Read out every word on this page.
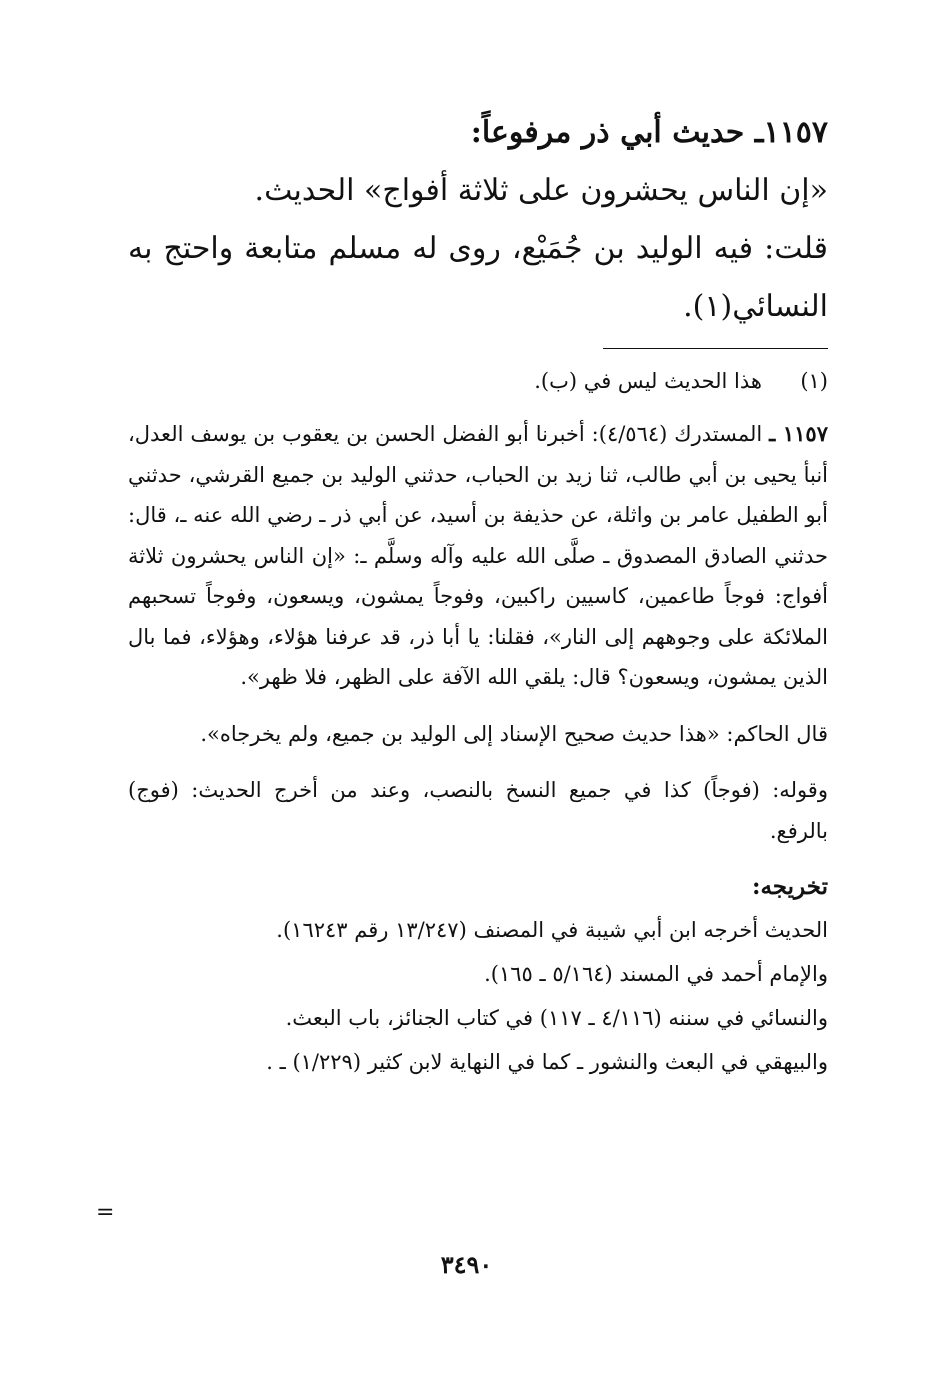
١١٥٧ـ حديث أبي ذر مرفوعاً:

«إن الناس يحشرون على ثلاثة أفواج» الحديث.

قلت: فيه الوليد بن جُمَيْع، روى له مسلم متابعة واحتج به النسائي(١).

(١)هذا الحديث ليس في (ب).

١١٥٧ ـ المستدرك (٤/٥٦٤): أخبرنا أبو الفضل الحسن بن يعقوب بن يوسف العدل، أنبأ يحيى بن أبي طالب، ثنا زيد بن الحباب، حدثني الوليد بن جميع القرشي، حدثني أبو الطفيل عامر بن واثلة، عن حذيفة بن أسيد، عن أبي ذر ـ رضي الله عنه ـ، قال: حدثني الصادق المصدوق ـ صلَّى الله عليه وآله وسلَّم ـ: «إن الناس يحشرون ثلاثة أفواج: فوجاً طاعمين، كاسيين راكبين، وفوجاً يمشون، ويسعون، وفوجاً تسحبهم الملائكة على وجوههم إلى النار»، فقلنا: يا أبا ذر، قد عرفنا هؤلاء، وهؤلاء، فما بال الذين يمشون، ويسعون؟ قال: يلقي الله الآفة على الظهر، فلا ظهر».

قال الحاكم: «هذا حديث صحيح الإسناد إلى الوليد بن جميع، ولم يخرجاه».

وقوله: (فوجاً) كذا في جميع النسخ بالنصب، وعند من أخرج الحديث: (فوج) بالرفع.

تخريجه:

الحديث أخرجه ابن أبي شيبة في المصنف (١٣/٢٤٧ رقم ١٦٢٤٣).

والإمام أحمد في المسند (٥/١٦٤ ـ ١٦٥).

والنسائي في سننه (٤/١١٦ ـ ١١٧) في كتاب الجنائز، باب البعث.

والبيهقي في البعث والنشور ـ كما في النهاية لابن كثير (١/٢٢٩) ـ .

=
٣٤٩٠
